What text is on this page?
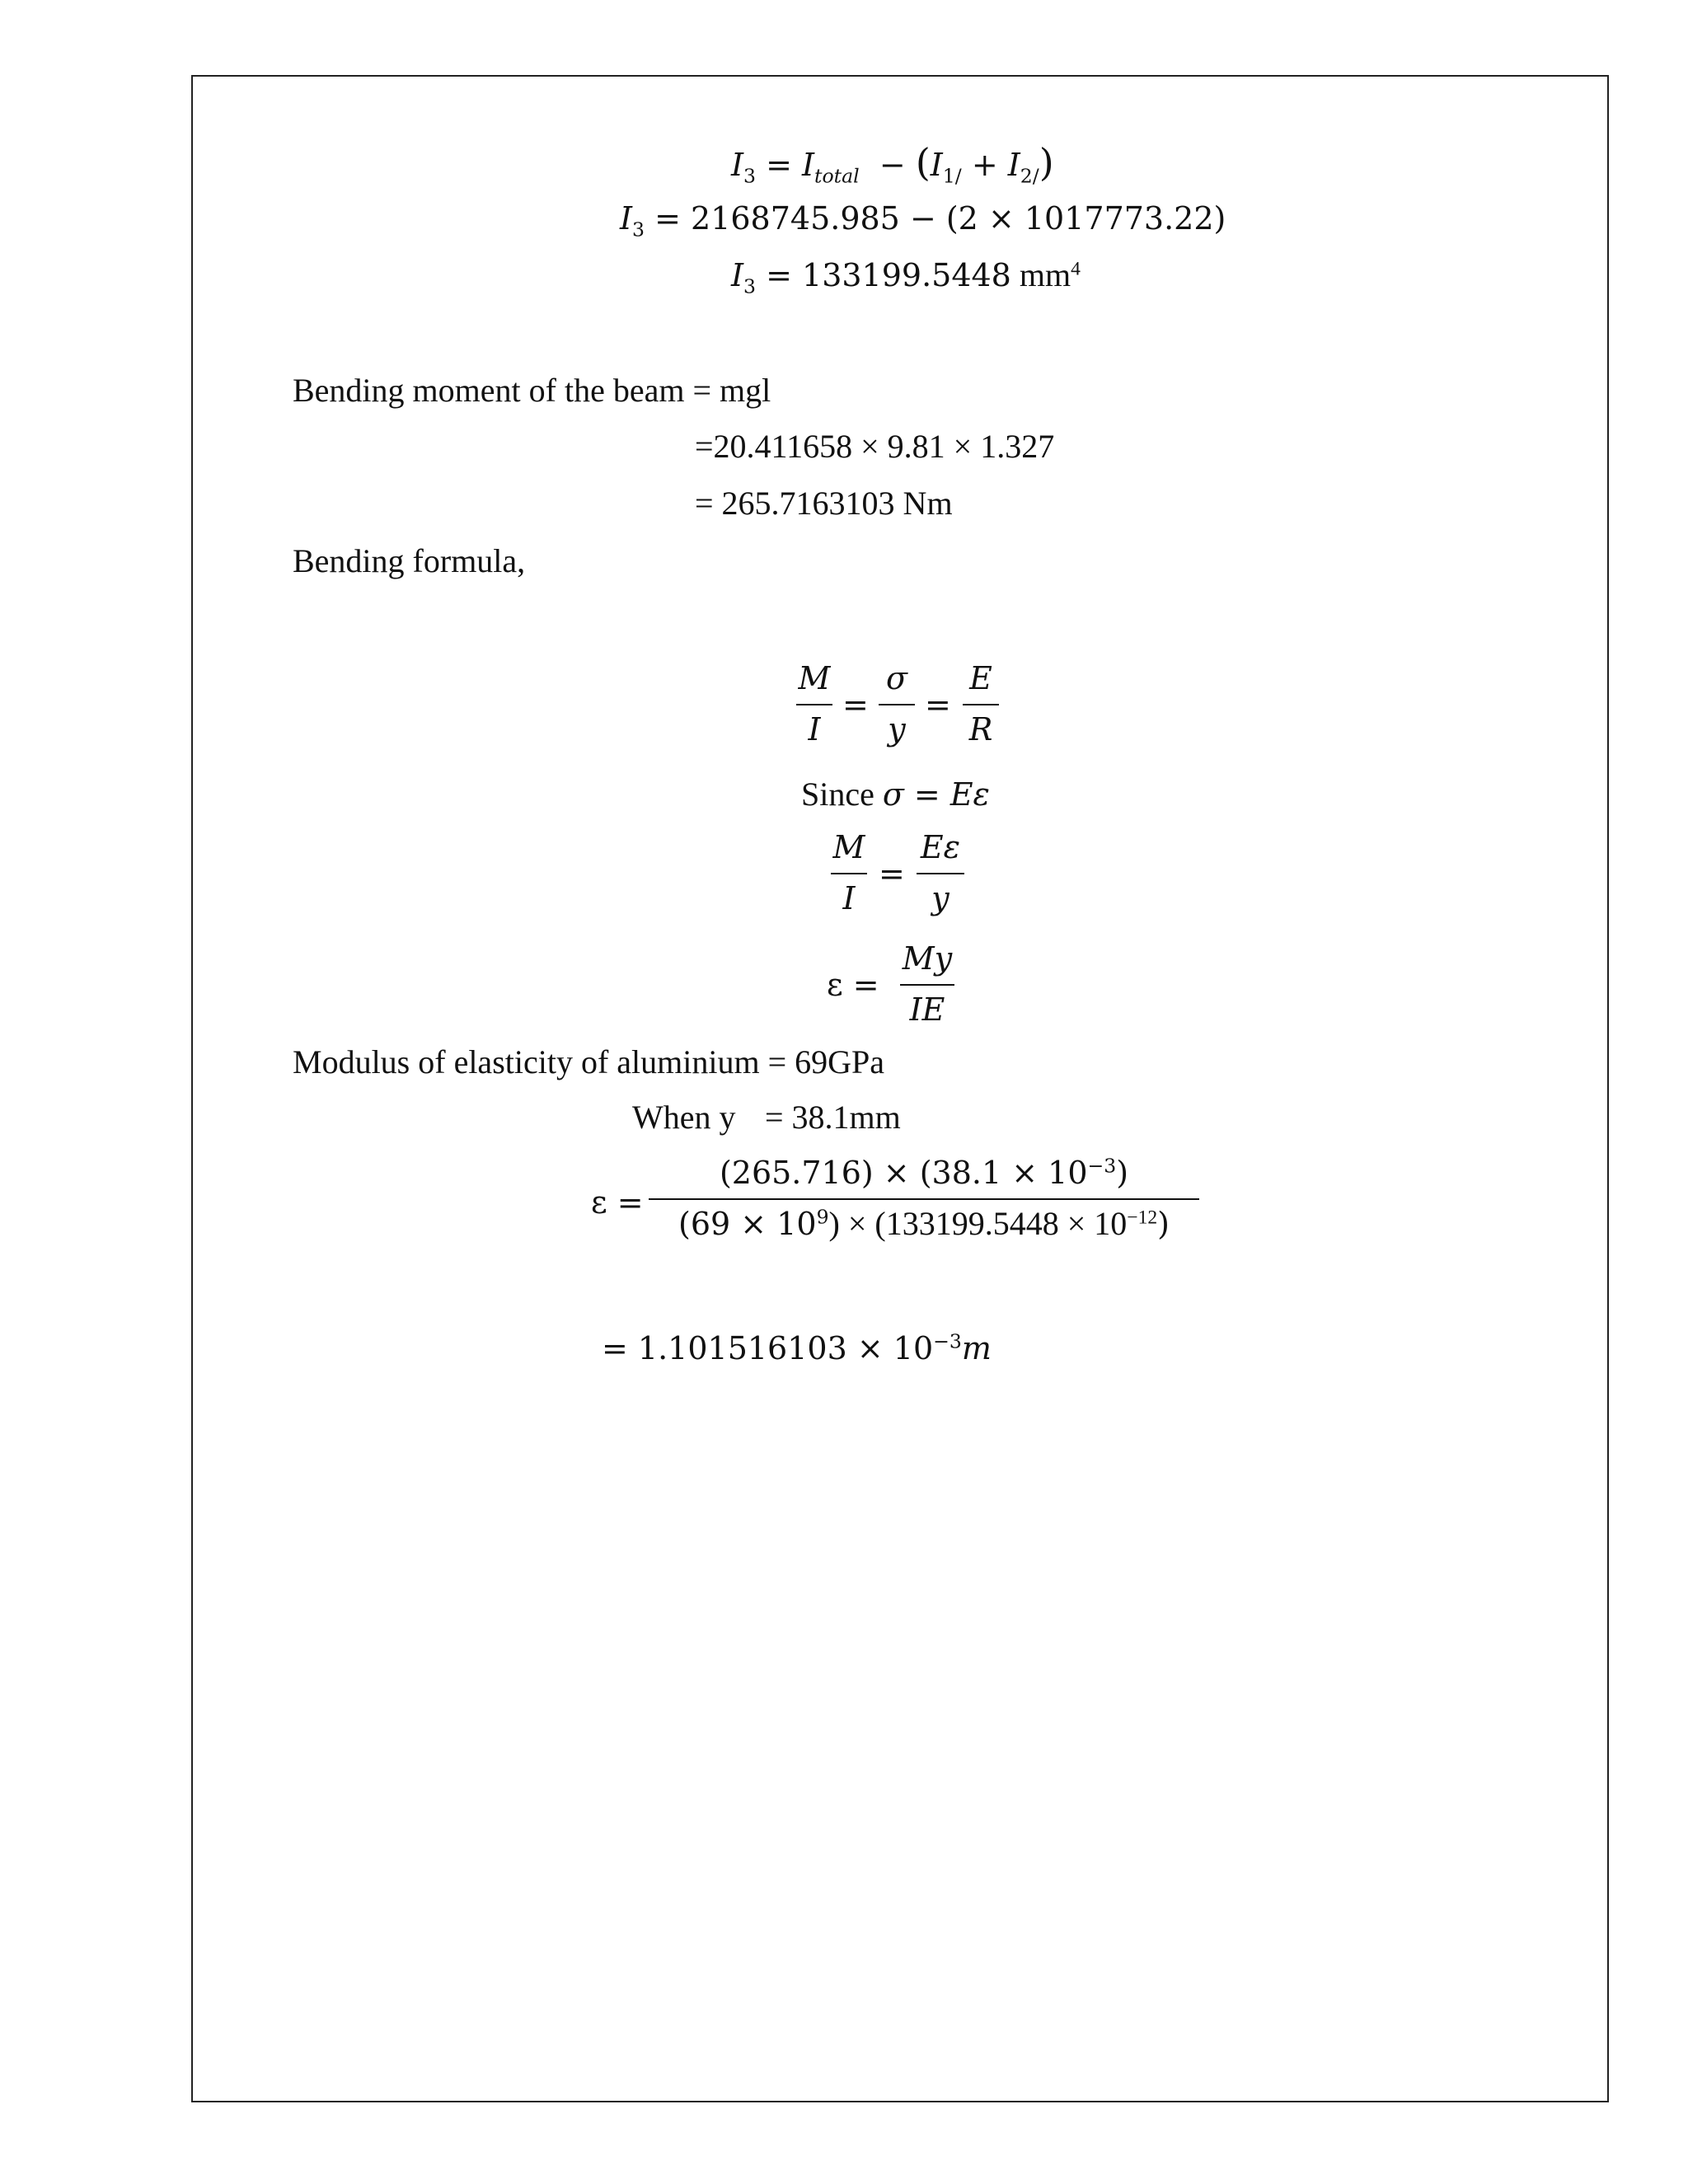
$I_3 = I_{total} - (I_{1/} + I_{2/})$
$I_3 = 2168745.985 - (2 \times 1017773.22)$
$I_3 = 133199.5448$ $mm^4$
Bending moment of the beam = mgl
=20.411658 × 9.81 × 1.327
= 265.7163103 Nm
Bending formula,
M
I
=
σ
y
=
E
R
Since σ = Eε
M
I
=
Eε
y
ε =
My
IE
Modulus of elasticity of aluminium = 69GPa
When y = 38.1mm
ε =
$(265.716) \times (38.1 \times 10^{-3})$
$(69 \times 10^9) \times (133199.5448 \times 10^{-12})$
= $1.101516103 \times 10^{-3}m$
